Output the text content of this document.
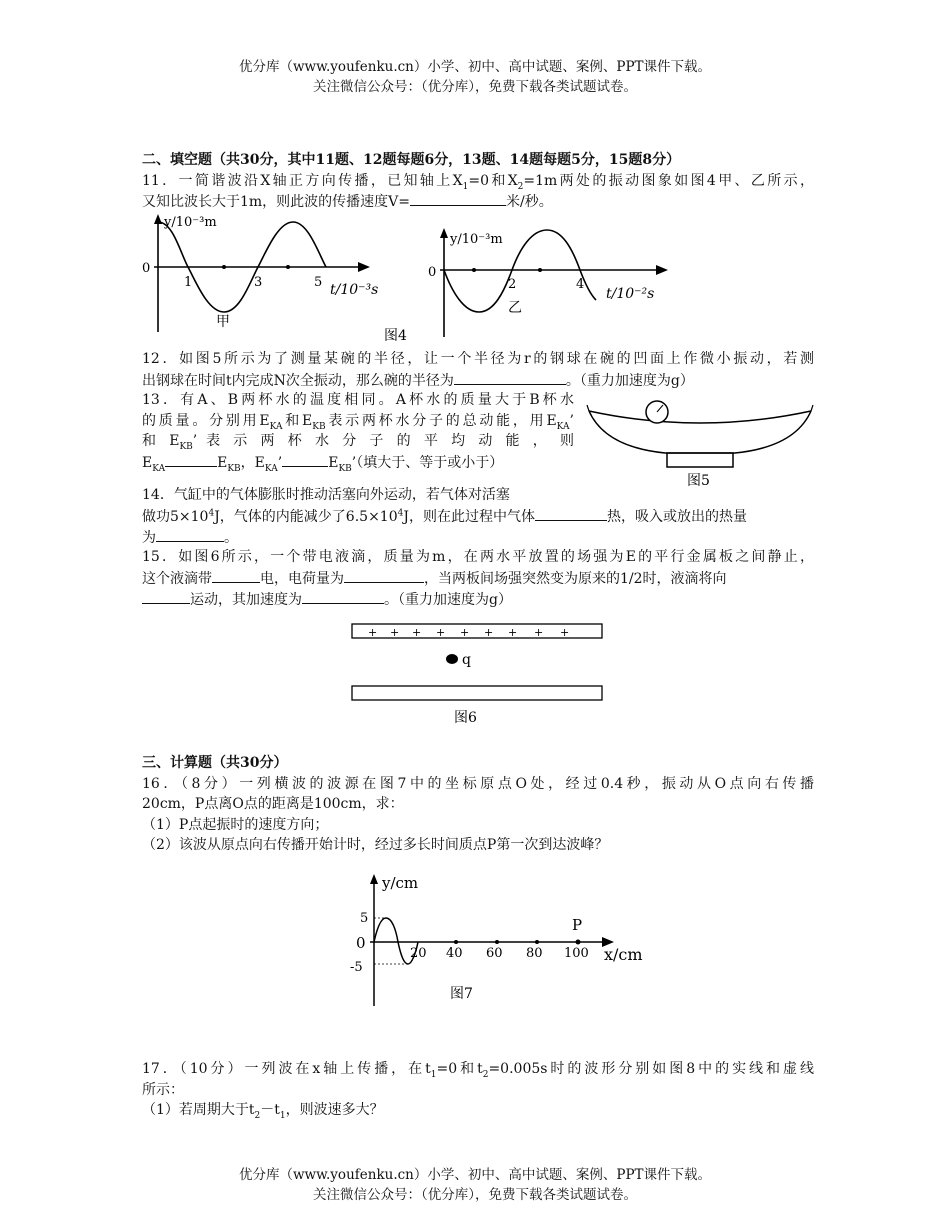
优分库（www.youfenku.cn）小学、初中、高中试题、案例、PPT课件下载。
关注微信公众号：（优分库），免费下载各类试题试卷。
二、填空题（共30分，其中11题、12题每题6分，13题、14题每题5分，15题8分）
11．一简谐波沿X轴正方向传播，已知轴上$X_1=0$和$X_2=1m$两处的振动图象如图4甲、乙所示，
又知比波长大于1m，则此波的传播速度V=	米/秒。
y/10⁻³m
0
1	3	5 t/10⁻³s
甲
y/10⁻³m
0
2	4
t/10⁻²s
乙
图4
12．如图5所示为了测量某碗的半径，让一个半径为r的钢球在碗的凹面上作微小振动，若测
出钢球在时间t内完成N次全振动，那么碗的半径为	。（重力加速度为g）
13．有A、B两杯水的温度相同。A杯水的质量大于B杯水
的质量。分别用$E_{KA}$和$E_{KB}$表示两杯水分子的总动能，用$E_{KA}$’
和 $E_{KB}$’ 表 示 两 杯 水 分 子 的 平 均 动 能 ， 则
$E_{KA}$	$E_{KB}$，$E_{KA}$’	$E_{KB}$’（填大于、等于或小于）
图5
14．气缸中的气体膨胀时推动活塞向外运动，若气体对活塞
做功$5\times 10^4J$，气体的内能减少了$6.5\times 10^4J$，则在此过程中气体	热，吸入或放出的热量
为	。
15．如图6所示，一个带电液滴，质量为m，在两水平放置的场强为E的平行金属板之间静止，
这个液滴带	电，电荷量为	，当两板间场强突然变为原来的1/2时，液滴将向
运动，其加速度为	。（重力加速度为g）
+ + + + + + + + +
q
图6
三、计算题（共30分）
16．（8分）一列横波的波源在图7中的坐标原点O处，经过0.4秒，振动从O点向右传播
20cm，P点离O点的距离是100cm，求：
（1）P点起振时的速度方向；
（2）该波从原点向右传播开始计时，经过多长时间质点P第一次到达波峰？
y/cm
5
0
-5
20 40 60 80 100
P
x/cm
图7
17．（10分）一列波在x轴上传播，在$t_1=0$和$t_2=0.005s$时的波形分别如图8中的实线和虚线
所示：
（1）若周期大于$t_2-t_1$，则波速多大？
优分库（www.youfenku.cn）小学、初中、高中试题、案例、PPT课件下载。
关注微信公众号：（优分库），免费下载各类试题试卷。
